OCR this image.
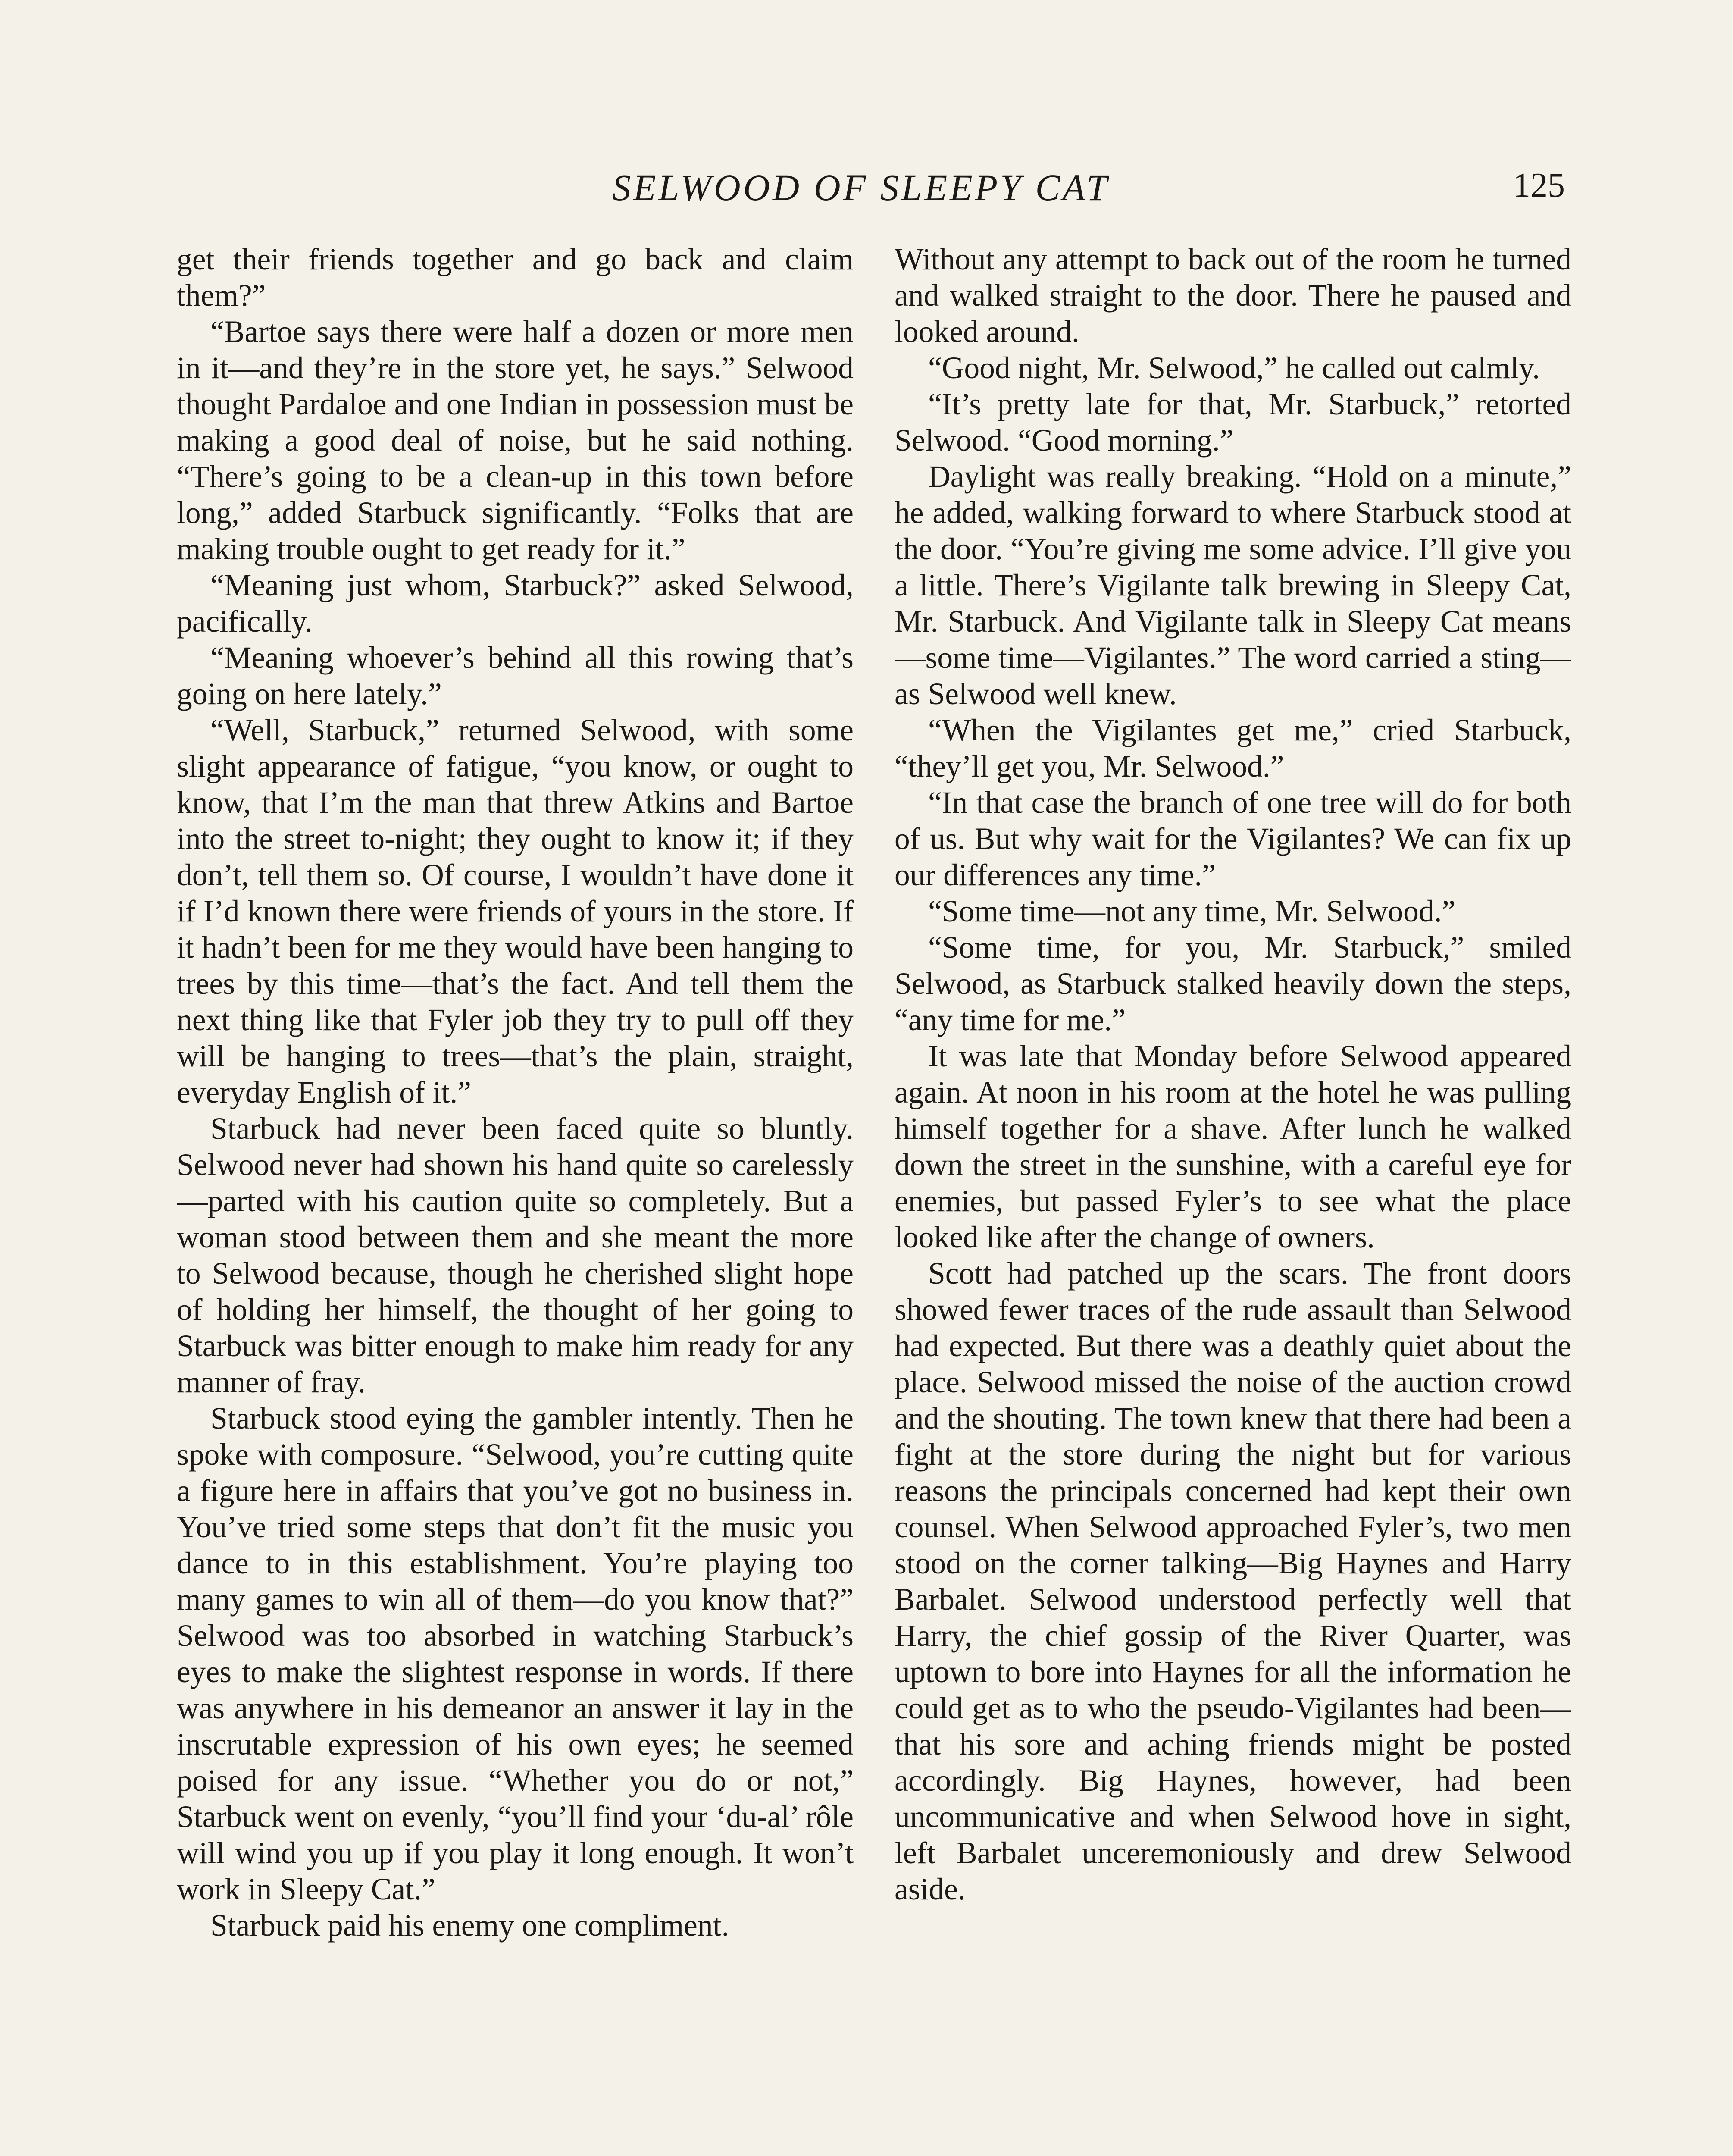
SELWOOD OF SLEEPY CAT	125

get their friends together and go back and claim them?”

“Bartoe says there were half a dozen or more men in it—and they’re in the store yet, he says.” Selwood thought Pardaloe and one Indian in possession must be making a good deal of noise, but he said nothing. “There’s going to be a clean-up in this town before long,” added Starbuck significantly. “Folks that are making trouble ought to get ready for it.”

“Meaning just whom, Starbuck?” asked Selwood, pacifically.

“Meaning whoever’s behind all this rowing that’s going on here lately.”

“Well, Starbuck,” returned Selwood, with some slight appearance of fatigue, “you know, or ought to know, that I’m the man that threw Atkins and Bartoe into the street to-night; they ought to know it; if they don’t, tell them so. Of course, I wouldn’t have done it if I’d known there were friends of yours in the store. If it hadn’t been for me they would have been hanging to trees by this time—that’s the fact. And tell them the next thing like that Fyler job they try to pull off they will be hanging to trees—that’s the plain, straight, everyday English of it.”

Starbuck had never been faced quite so bluntly. Selwood never had shown his hand quite so carelessly—parted with his caution quite so completely. But a woman stood between them and she meant the more to Selwood because, though he cherished slight hope of holding her himself, the thought of her going to Starbuck was bitter enough to make him ready for any manner of fray.

Starbuck stood eying the gambler intently. Then he spoke with composure. “Selwood, you’re cutting quite a figure here in affairs that you’ve got no business in. You’ve tried some steps that don’t fit the music you dance to in this establishment. You’re playing too many games to win all of them—do you know that?” Selwood was too absorbed in watching Starbuck’s eyes to make the slightest response in words. If there was anywhere in his demeanor an answer it lay in the inscrutable expression of his own eyes; he seemed poised for any issue. “Whether you do or not,” Starbuck went on evenly, “you’ll find your ‘du-al’ rôle will wind you up if you play it long enough. It won’t work in Sleepy Cat.”

Starbuck paid his enemy one compliment.

Without any attempt to back out of the room he turned and walked straight to the door. There he paused and looked around.

“Good night, Mr. Selwood,” he called out calmly.

“It’s pretty late for that, Mr. Starbuck,” retorted Selwood. “Good morning.”

Daylight was really breaking. “Hold on a minute,” he added, walking forward to where Starbuck stood at the door. “You’re giving me some advice. I’ll give you a little. There’s Vigilante talk brewing in Sleepy Cat, Mr. Starbuck. And Vigilante talk in Sleepy Cat means—some time—Vigilantes.” The word carried a sting—as Selwood well knew.

“When the Vigilantes get me,” cried Starbuck, “they’ll get you, Mr. Selwood.”

“In that case the branch of one tree will do for both of us. But why wait for the Vigilantes? We can fix up our differences any time.”

“Some time—not any time, Mr. Selwood.”

“Some time, for you, Mr. Starbuck,” smiled Selwood, as Starbuck stalked heavily down the steps, “any time for me.”

It was late that Monday before Selwood appeared again. At noon in his room at the hotel he was pulling himself together for a shave. After lunch he walked down the street in the sunshine, with a careful eye for enemies, but passed Fyler’s to see what the place looked like after the change of owners.

Scott had patched up the scars. The front doors showed fewer traces of the rude assault than Selwood had expected. But there was a deathly quiet about the place. Selwood missed the noise of the auction crowd and the shouting. The town knew that there had been a fight at the store during the night but for various reasons the principals concerned had kept their own counsel. When Selwood approached Fyler’s, two men stood on the corner talking—Big Haynes and Harry Barbalet. Selwood understood perfectly well that Harry, the chief gossip of the River Quarter, was uptown to bore into Haynes for all the information he could get as to who the pseudo-Vigilantes had been—that his sore and aching friends might be posted accordingly. Big Haynes, however, had been uncommunicative and when Selwood hove in sight, left Barbalet unceremoniously and drew Selwood aside.
